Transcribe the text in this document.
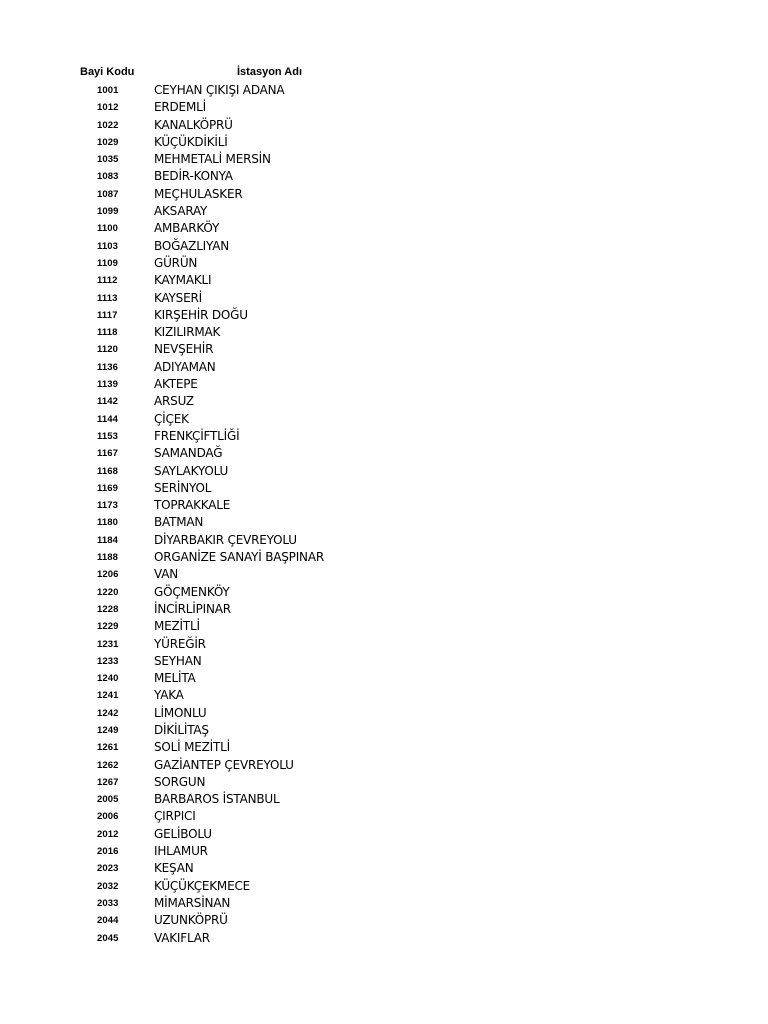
Bayi Kodu	İstasyon Adı
1001	CEYHAN ÇIKIŞI ADANA
1012	ERDEMLİ
1022	KANALKÖPRÜ
1029	KÜÇÜKDİKİLİ
1035	MEHMETALİ MERSİN
1083	BEDİR-KONYA
1087	MEÇHULASKER
1099	AKSARAY
1100	AMBARKÖY
1103	BOĞAZLIYAN
1109	GÜRÜN
1112	KAYMAKLI
1113	KAYSERİ
1117	KIRŞEHİR DOĞU
1118	KIZILIRMAK
1120	NEVŞEHİR
1136	ADIYAMAN
1139	AKTEPE
1142	ARSUZ
1144	ÇİÇEK
1153	FRENKÇİFTLİĞİ
1167	SAMANDAĞ
1168	SAYLAKYOLU
1169	SERİNYOL
1173	TOPRAKKALE
1180	BATMAN
1184	DİYARBAKIR ÇEVREYOLU
1188	ORGANİZE SANAYİ BAŞPINAR
1206	VAN
1220	GÖÇMENKÖY
1228	İNCİRLİPINAR
1229	MEZİTLİ
1231	YÜREĞİR
1233	SEYHAN
1240	MELİTA
1241	YAKA
1242	LİMONLU
1249	DİKİLİTAŞ
1261	SOLİ MEZİTLİ
1262	GAZİANTEP ÇEVREYOLU
1267	SORGUN
2005	BARBAROS İSTANBUL
2006	ÇIRPICI
2012	GELİBOLU
2016	IHLAMUR
2023	KEŞAN
2032	KÜÇÜKÇEKMECE
2033	MİMARSİNAN
2044	UZUNKÖPRÜ
2045	VAKIFLAR
